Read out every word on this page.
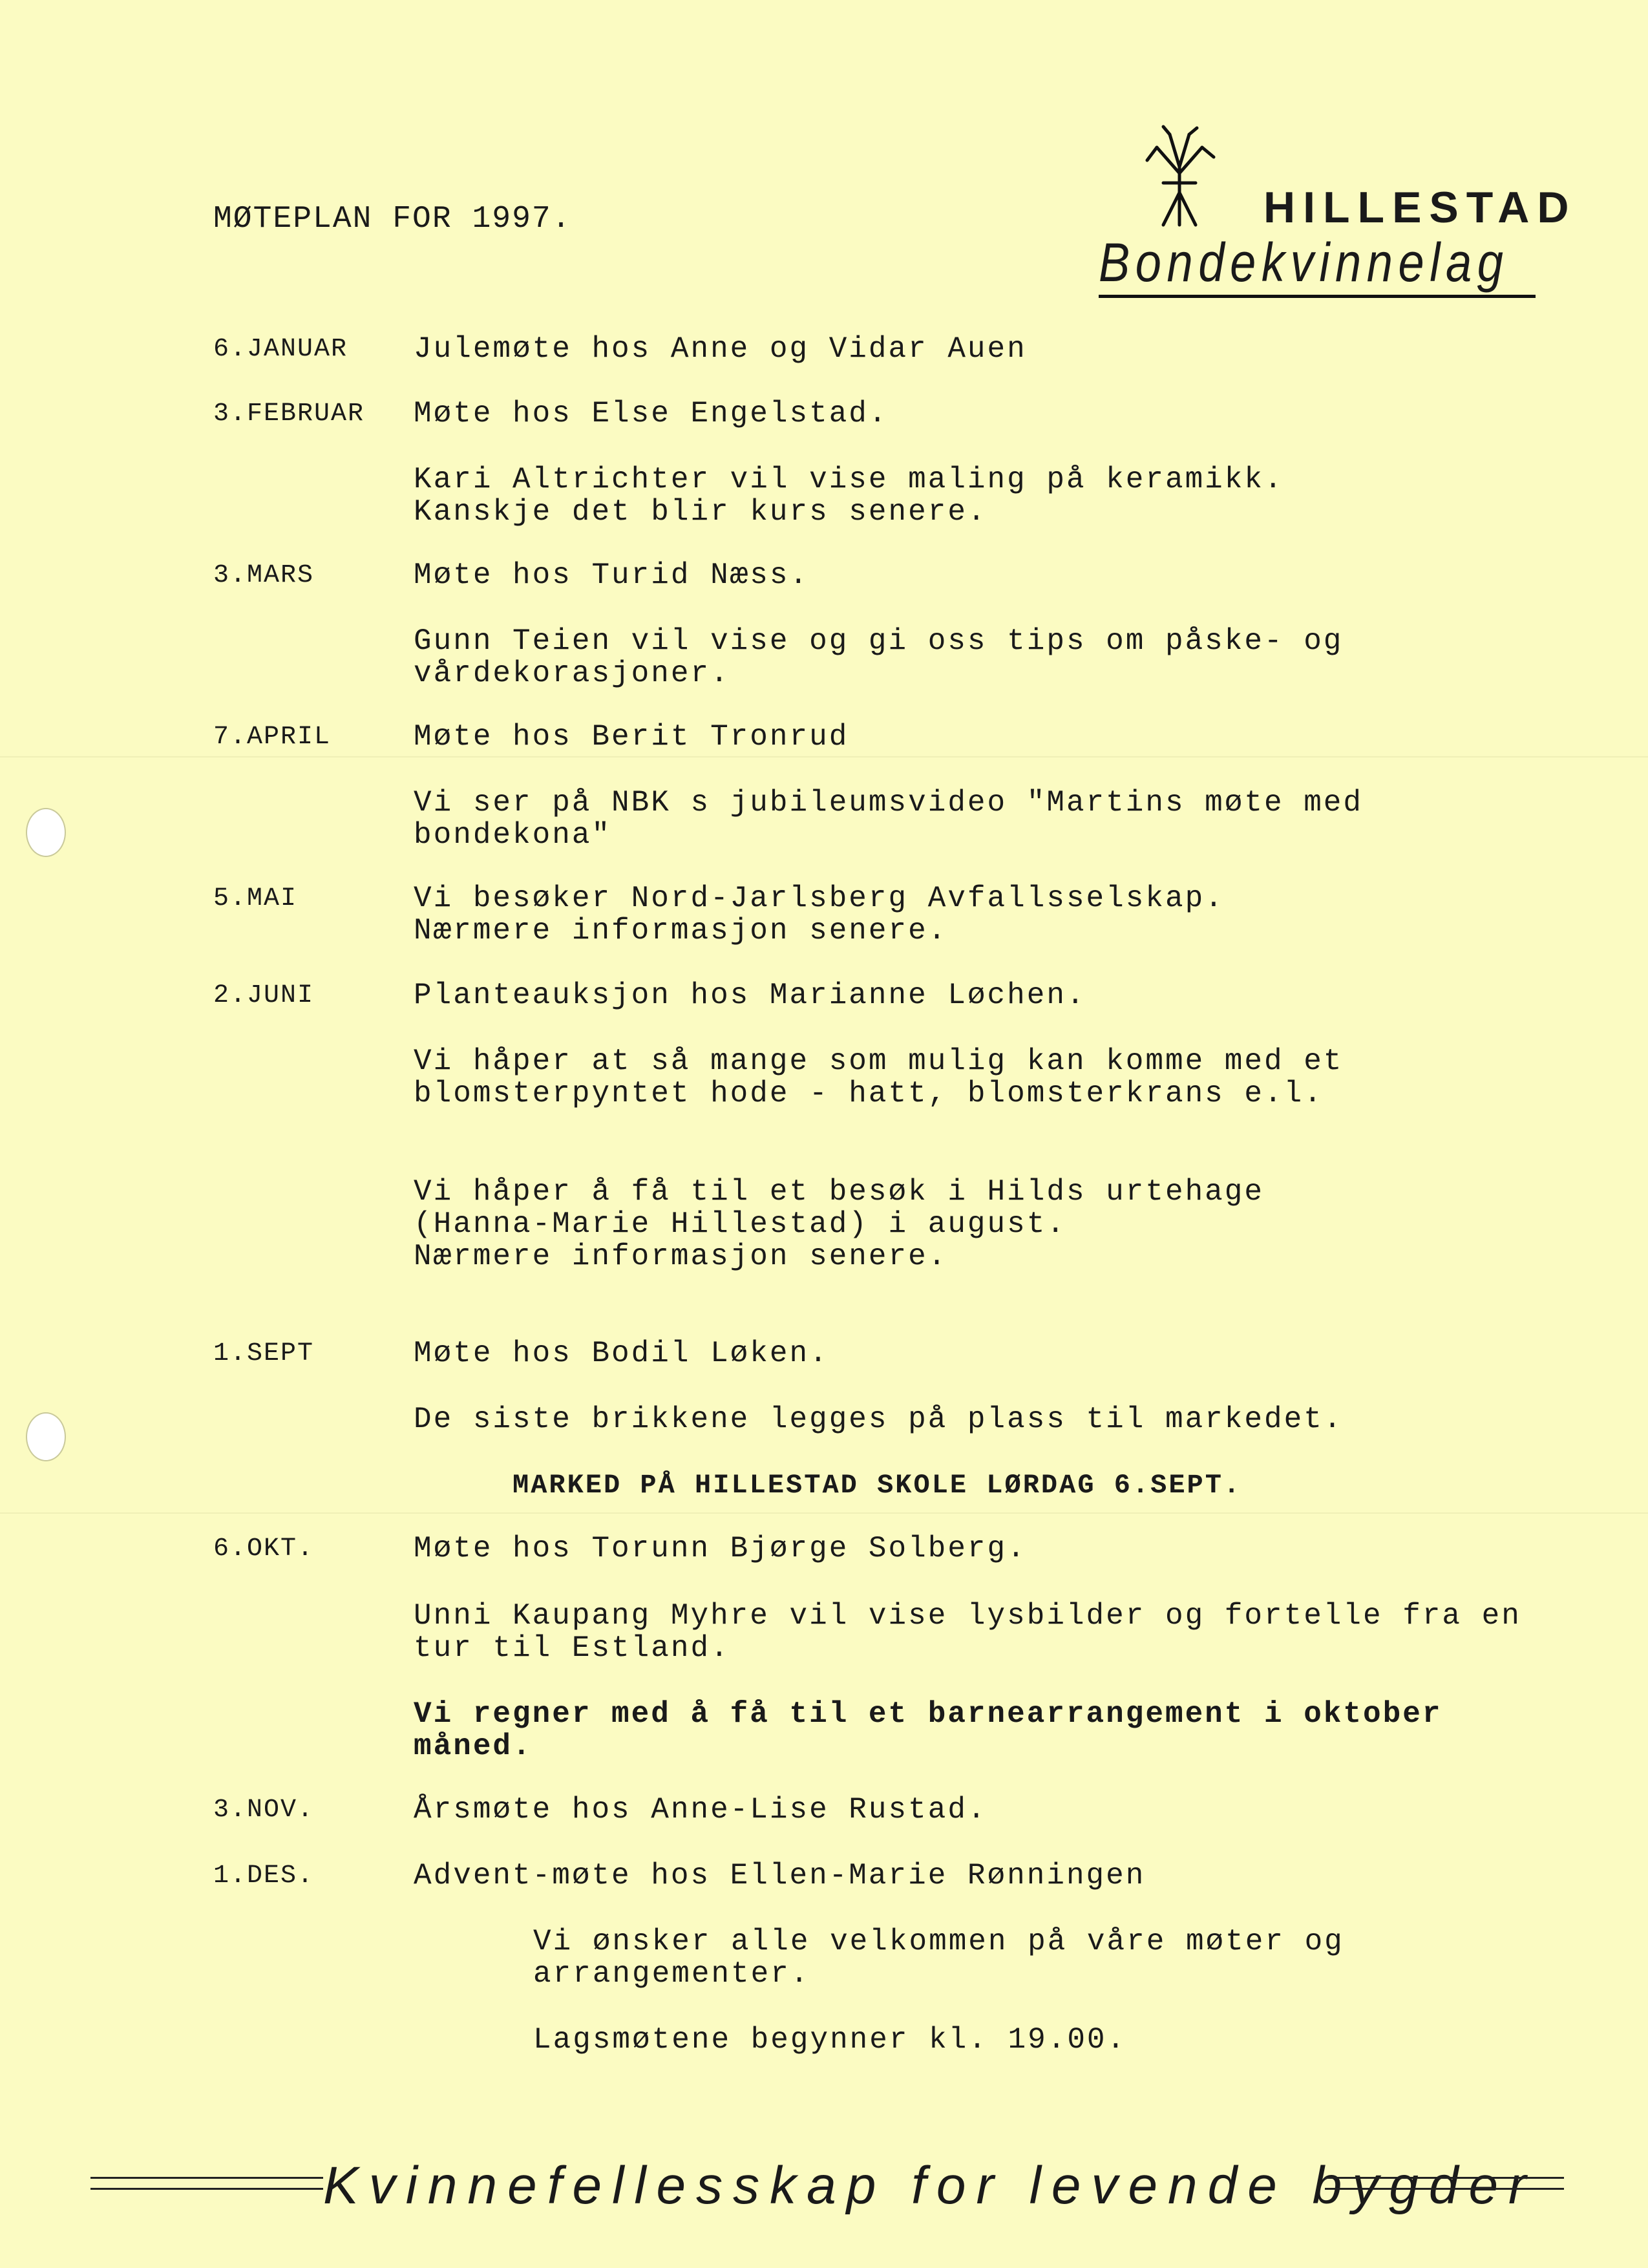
MØTEPLAN FOR 1997.	HILLESTAD
Bondekvinnelag
6.JANUAR Julemøte hos Anne og Vidar Auen
3.FEBRUAR Møte hos Else Engelstad.
Kari Altrichter vil vise maling på keramikk.
Kanskje det blir kurs senere.
3.MARS	Møte hos Turid Næss.
Gunn Teien vil vise og gi oss tips om påske- og
vårdekorasjoner.
7.APRIL	Møte hos Berit Tronrud
Vi ser på NBK s jubileumsvideo "Martins møte med
bondekona"
5.MAI	Vi besøker Nord-Jarlsberg Avfallsselskap.
Nærmere informasjon senere.
2.JUNI	Planteauksjon hos Marianne Løchen.
Vi håper at så mange som mulig kan komme med et
blomsterpyntet hode - hatt, blomsterkrans e.l.
Vi håper å få til et besøk i Hilds urtehage
(Hanna-Marie Hillestad) i august.
Nærmere informasjon senere.
1.SEPT	Møte hos Bodil Løken.
De siste brikkene legges på plass til markedet.
MARKED PÅ HILLESTAD SKOLE LØRDAG 6.SEPT.
6.OKT.	Møte hos Torunn Bjørge Solberg.
Unni Kaupang Myhre vil vise lysbilder og fortelle fra en
tur til Estland.
Vi regner med å få til et barnearrangement i oktober
måned.
3.NOV.	Årsmøte hos Anne-Lise Rustad.
1.DES.	Advent-møte hos Ellen-Marie Rønningen
Vi ønsker alle velkommen på våre møter og
arrangementer.
Lagsmøtene begynner kl. 19.00.
Kvinnefellesskap for levende bygder
